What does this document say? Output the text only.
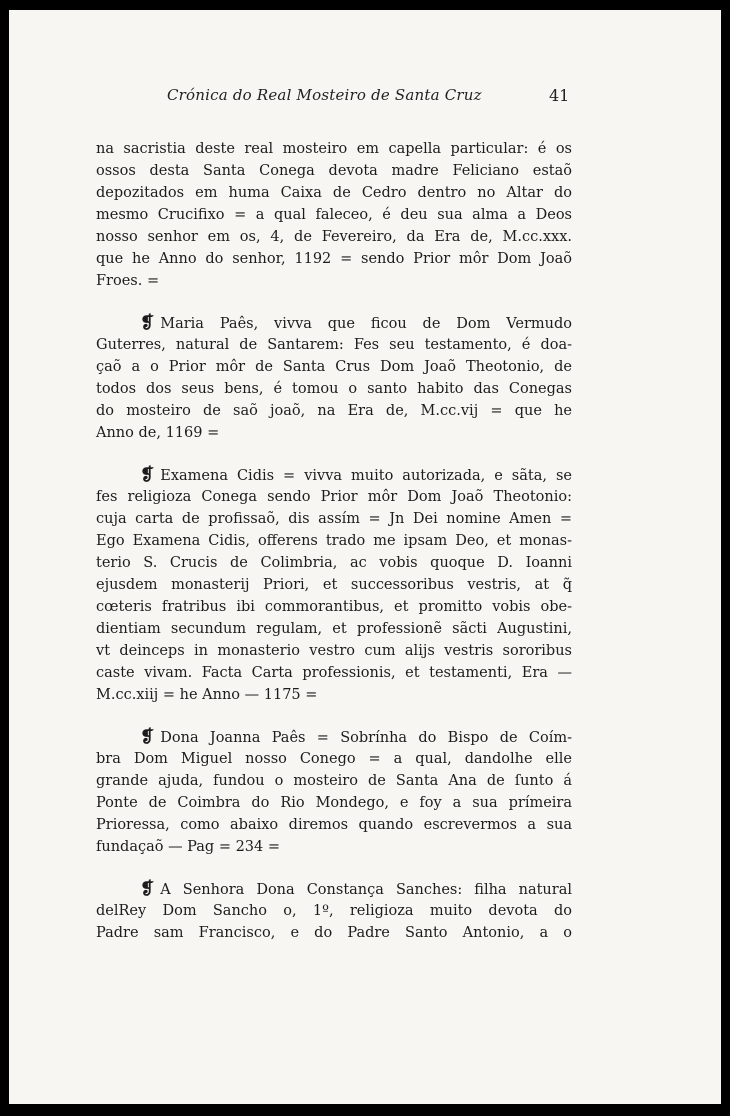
Crónica do Real Mosteiro de Santa Cruz	41
na sacristia deste real mosteiro em capella particular: é os
ossos desta Santa Conega devota madre Feliciano estaõ
depozitados em huma Caixa de Cedro dentro no Altar do
mesmo Crucifixo = a qual faleceo, é deu sua alma a Deos
nosso senhor em os, 4, de Fevereiro, da Era de, M.cc.xxx.
que he Anno do senhor, 1192 = sendo Prior môr Dom Joaõ
Froes. =
❡ Maria Paês, vivva que ficou de Dom Vermudo
Guterres, natural de Santarem: Fes seu testamento, é doa-
çaõ a o Prior môr de Santa Crus Dom Joaõ Theotonio, de
todos dos seus bens, é tomou o santo habito das Conegas
do mosteiro de saõ joaõ, na Era de, M.cc.vij = que he
Anno de, 1169 =
❡ Examena Cidis = vivva muito autorizada, e sãta, se
fes religioza Conega sendo Prior môr Dom Joaõ Theotonio:
cuja carta de profissaõ, dis assím = Jn Dei nomine Amen =
Ego Examena Cidis, offerens trado me ipsam Deo, et monas-
terio S. Crucis de Colimbria, ac vobis quoque D. Ioanni
ejusdem monasterij Priori, et successoribus vestris, at q̃
cœteris fratribus ibi commorantibus, et promitto vobis obe-
dientiam secundum regulam, et professionẽ sãcti Augustini,
vt deinceps in monasterio vestro cum alijs vestris sororibus
caste vivam. Facta Carta professionis, et testamenti, Era —
M.cc.xiij = he Anno — 1175 =
❡ Dona Joanna Paês = Sobrínha do Bispo de Coím-
bra Dom Miguel nosso Conego = a qual, dandolhe elle
grande ajuda, fundou o mosteiro de Santa Ana de ſunto á
Ponte de Coimbra do Rio Mondego, e foy a sua prímeira
Prioressa, como abaixo diremos quando escrevermos a sua
fundaçaõ — Pag = 234 =
❡ A Senhora Dona Constança Sanches: filha natural
delRey Dom Sancho o, 1º, religioza muito devota do
Padre sam Francisco, e do Padre Santo Antonio, a o
